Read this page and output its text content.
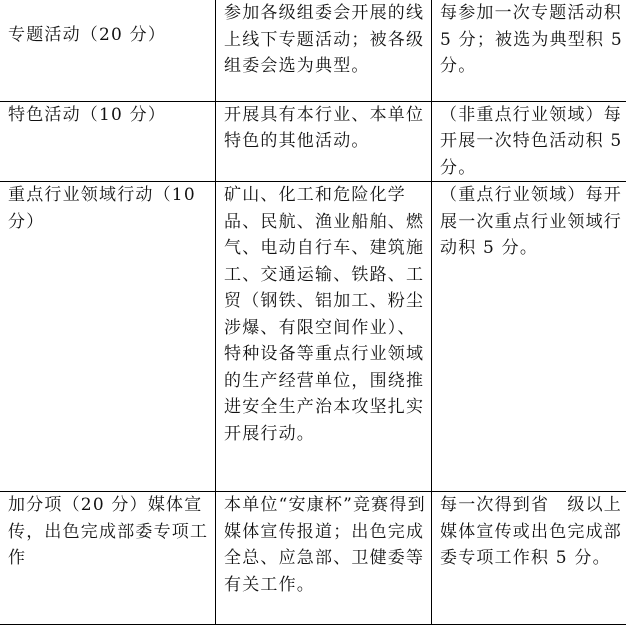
专题活动（20 分）	参加各级组委会开展的线上线下专题活动；被各级组委会选为典型。	每参加一次专题活动积 5 分；被选为典型积 5 分。
特色活动（10 分）	开展具有本行业、本单位特色的其他活动。	（非重点行业领域）每开展一次特色活动积 5 分。
重点行业领域行动（10 分）	矿山、化工和危险化学品、民航、渔业船舶、燃气、电动自行车、建筑施工、交通运输、铁路、工贸（钢铁、铝加工、粉尘涉爆、有限空间作业）、特种设备等重点行业领域的生产经营单位，围绕推进安全生产治本攻坚扎实开展行动。	（重点行业领域）每开展一次重点行业领域行动积 5 分。
加分项（20 分）媒体宣传，出色完成部委专项工作	本单位“安康杯”竞赛得到媒体宣传报道；出色完成全总、应急部、卫健委等有关工作。	每一次得到省　级以上媒体宣传或出色完成部委专项工作积 5 分。
